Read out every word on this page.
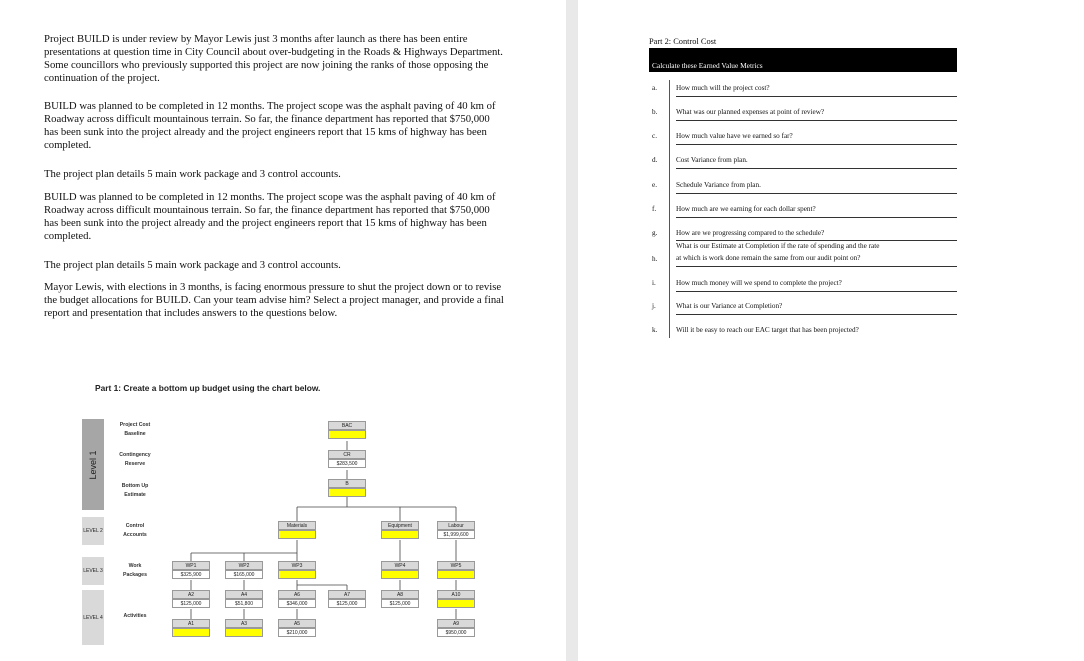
Project BUILD is under review by Mayor Lewis just 3 months after launch as there has been entire presentations at question time in City Council about over-budgeting in the Roads & Highways Department. Some councillors who previously supported this project are now joining the ranks of those opposing the continuation of the project.

BUILD was planned to be completed in 12 months. The project scope was the asphalt paving of 40 km of Roadway across difficult mountainous terrain. So far, the finance department has reported that $750,000 has been sunk into the project already and the project engineers report that 15 kms of highway has been completed.

The project plan details 5 main work package and 3 control accounts.

BUILD was planned to be completed in 12 months. The project scope was the asphalt paving of 40 km of Roadway across difficult mountainous terrain. So far, the finance department has reported that $750,000 has been sunk into the project already and the project engineers report that 15 kms of highway has been completed.

The project plan details 5 main work package and 3 control accounts.

Mayor Lewis, with elections in 3 months, is facing enormous pressure to shut the project down or to revise the budget allocations for BUILD. Can your team advise him? Select a project manager, and provide a final report and presentation that includes answers to the questions below.

Part 1: Create a bottom up budget using the chart below.
Level 1
LEVEL 2
LEVEL 3
LEVEL 4
Project Cost
Baseline
Contingency
Reserve
Bottom Up
Estimate
Control
Accounts
Work
Packages
Activities
BAC
CR
$283,500
B
Materials	Equipment	Labour
$1,999,600
WP1
$325,900
WP2
$165,000
WP3	WP4	WP5
A2
$125,000
A4
$51,800
A6
$346,000
A7
$125,000
A8
$125,000
A10
A1	A3	A5
$210,000
A9
$950,000
Part 2: Control Cost
Calculate these Earned Value Metrics
a.	How much will the project cost?
b.	What was our planned expenses at point of review?
c.	How much value have we earned so far?
d.	Cost Variance from plan.
e.	Schedule Variance from plan.
f.	How much are we earning for each dollar spent?
g.	How are we progressing compared to the schedule?
h.
What is our Estimate at Completion if the rate of spending and the rate
at which is work done remain the same from our audit point on?
i.	How much money will we spend to complete the project?
j.	What is our Variance at Completion?
k.	Will it be easy to reach our EAC target that has been projected?
